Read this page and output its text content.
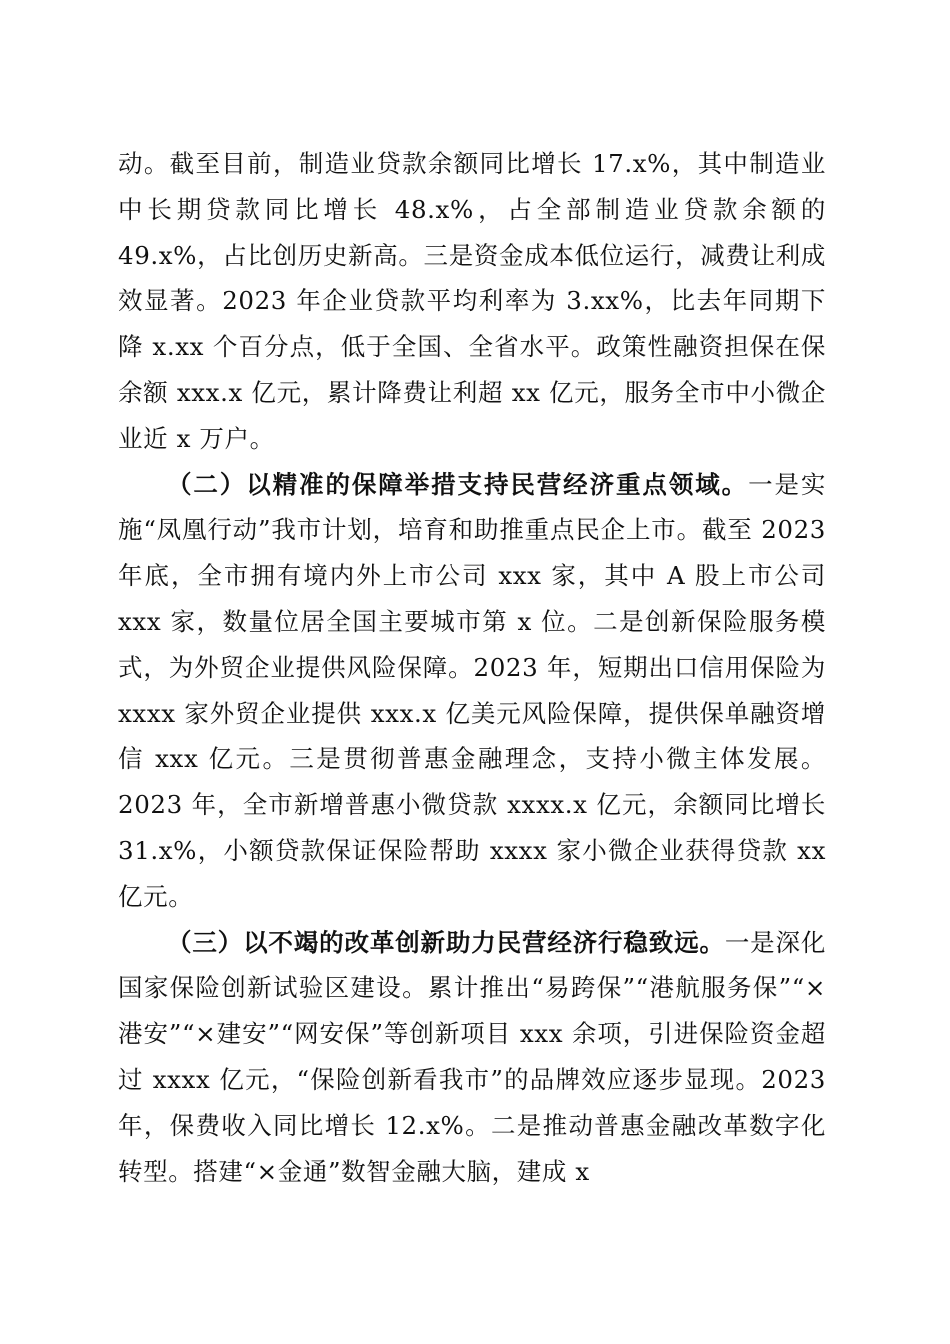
动。截至目前，制造业贷款余额同比增长 17.x%，其中制造业中长期贷款同比增长 48.x%，占全部制造业贷款余额的 49.x%，占比创历史新高。三是资金成本低位运行，减费让利成效显著。2023 年企业贷款平均利率为 3.xx%，比去年同期下降 x.xx 个百分点，低于全国、全省水平。政策性融资担保在保余额 xxx.x 亿元，累计降费让利超 xx 亿元，服务全市中小微企业近 x 万户。

（二）以精准的保障举措支持民营经济重点领域。一是实施“凤凰行动”我市计划，培育和助推重点民企上市。截至 2023 年底，全市拥有境内外上市公司 xxx 家，其中 A 股上市公司 xxx 家，数量位居全国主要城市第 x 位。二是创新保险服务模式，为外贸企业提供风险保障。2023 年，短期出口信用保险为 xxxx 家外贸企业提供 xxx.x 亿美元风险保障，提供保单融资增信 xxx 亿元。三是贯彻普惠金融理念，支持小微主体发展。2023 年，全市新增普惠小微贷款 xxxx.x 亿元，余额同比增长 31.x%，小额贷款保证保险帮助 xxxx 家小微企业获得贷款 xx 亿元。

（三）以不竭的改革创新助力民营经济行稳致远。一是深化国家保险创新试验区建设。累计推出“易跨保”“港航服务保”“×港安”“×建安”“网安保”等创新项目 xxx 余项，引进保险资金超过 xxxx 亿元，“保险创新看我市”的品牌效应逐步显现。2023 年，保费收入同比增长 12.x%。二是推动普惠金融改革数字化转型。搭建“×金通”数智金融大脑，建成 x
